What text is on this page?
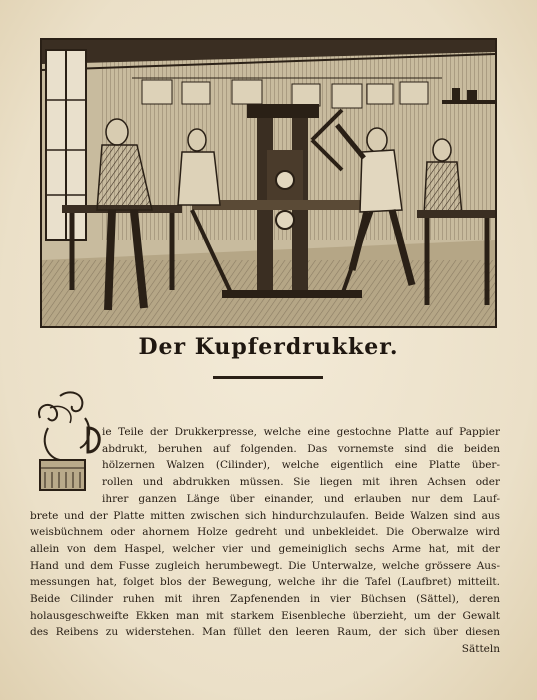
Der Kupferdrukker.
ie Teile der Drukkerpresse, welche eine gestochne Platte auf Pappier
abdrukt, beruhen auf folgenden. Das vornemste sind die beiden
hölzernen Walzen (Cilinder), welche eigentlich eine Platte über-
rollen und abdrukken müssen. Sie liegen mit ihren Achsen oder
ihrer ganzen Länge über einander, und erlauben nur dem Lauf-
brete und der Platte mitten zwischen sich hindurchzulaufen. Beide Walzen sind aus
weisbüchnem oder ahornem Holze gedreht und unbekleidet. Die Oberwalze wird
allein von dem Haspel, welcher vier und gemeiniglich sechs Arme hat, mit der
Hand und dem Fusse zugleich herumbewegt. Die Unterwalze, welche grössere Aus-
messungen hat, folget blos der Bewegung, welche ihr die Tafel (Laufbret) mitteilt.
Beide Cilinder ruhen mit ihren Zapfenenden in vier Büchsen (Sättel), deren
holausgeschweifte Ekken man mit starkem Eisenbleche überzieht, um der Gewalt
des Reibens zu widerstehen. Man füllet den leeren Raum, der sich über diesen
Sätteln
